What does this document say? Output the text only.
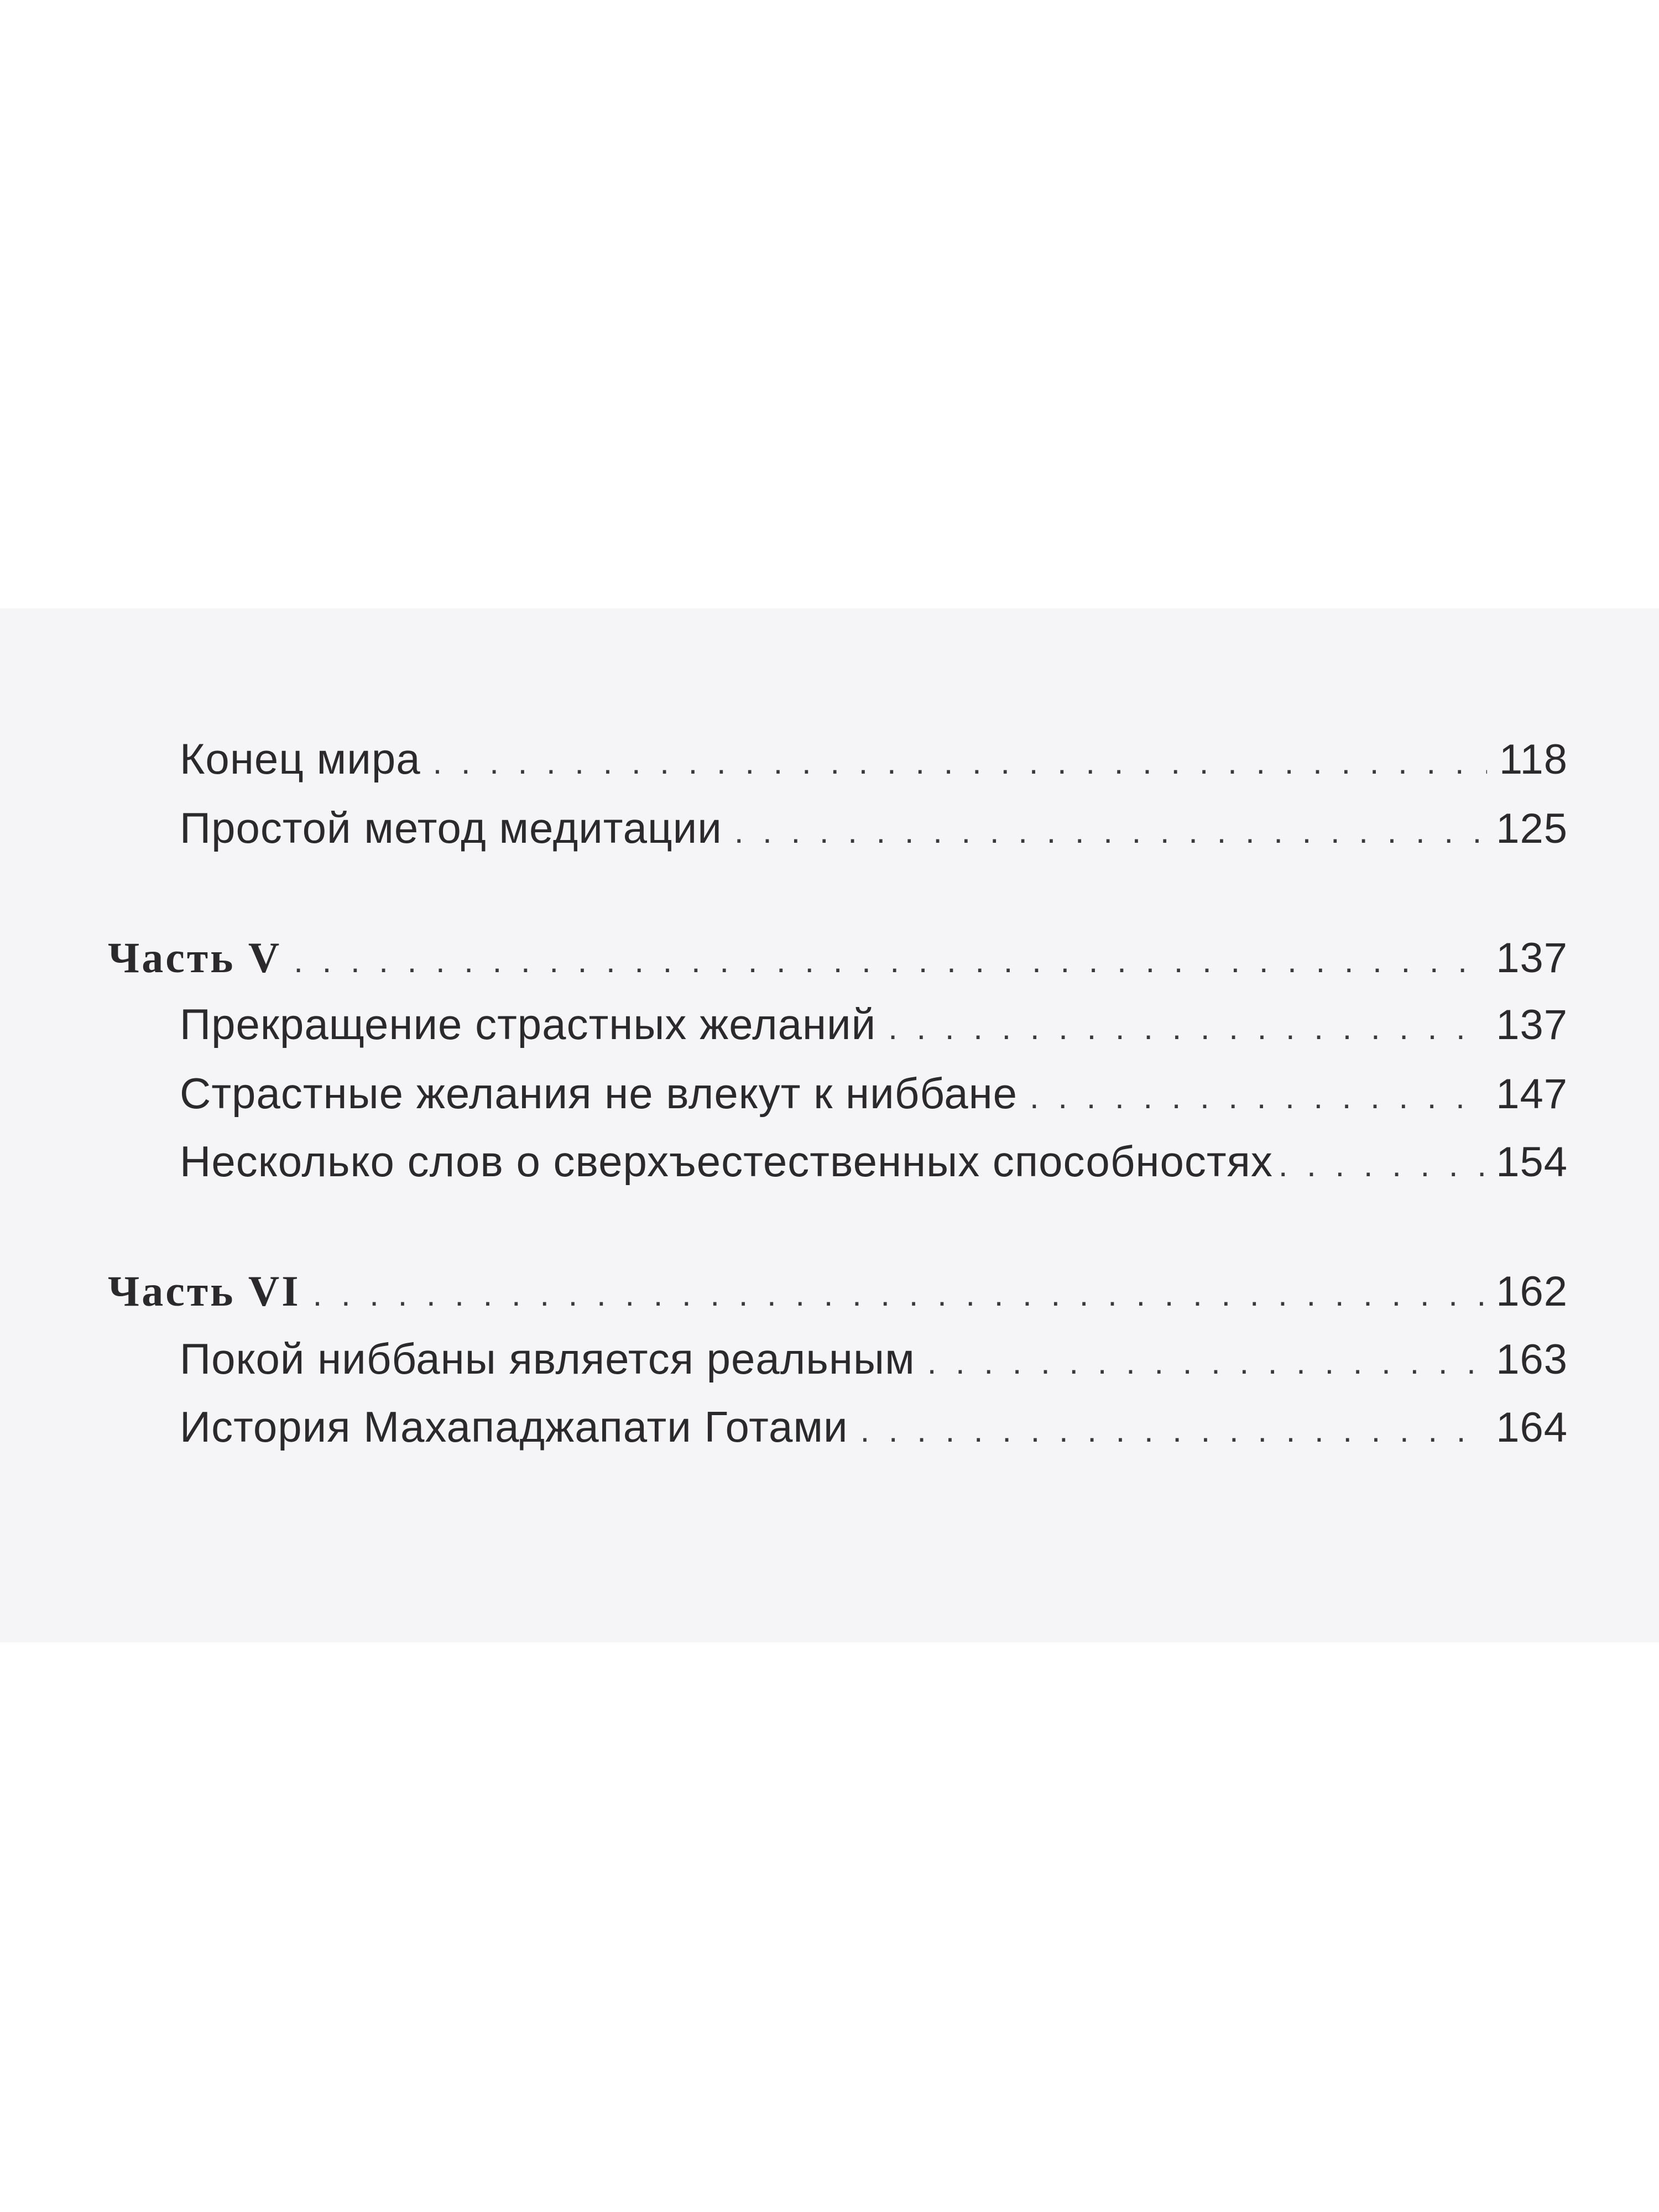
Конец мира . . .	118
Простой метод медитации . . .	125
Часть V . . .	137
Прекращение страстных желаний . . .	137
Страстные желания не влекут к ниббане . . .	147
Несколько слов о сверхъестественных способностях . . .	154
Часть VI . . .	162
Покой ниббаны является реальным . . .	163
История Махападжапати Готами . . .	164
